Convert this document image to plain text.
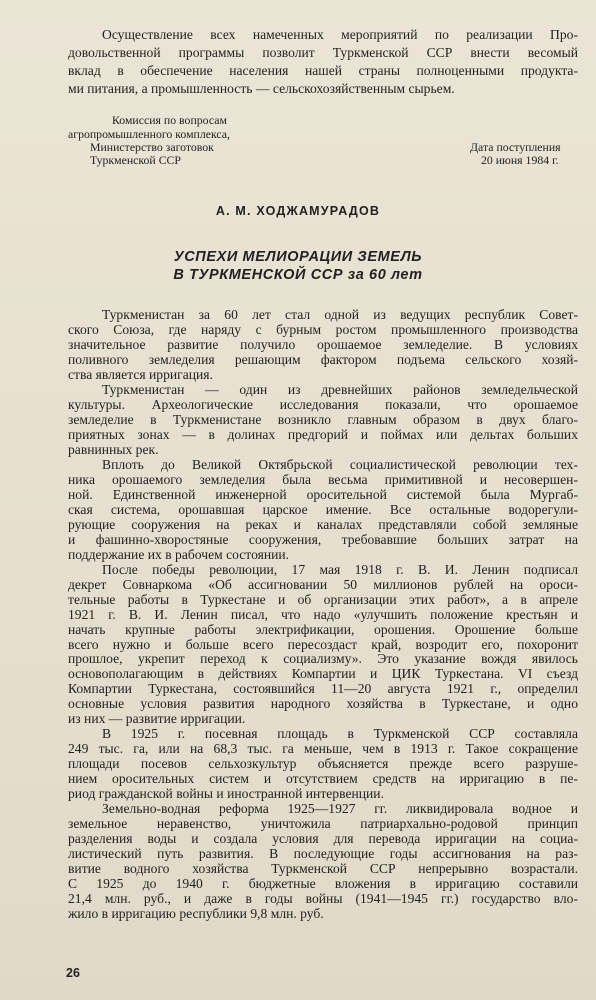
Осуществление всех намеченных мероприятий по реализации Про-

довольственной программы позволит Туркменской ССР внести весомый

вклад в обеспечение населения нашей страны полноценными продукта-

ми питания, а промышленность — сельскохозяйственным сырьем.

Комиссия по вопросам

агропромышленного комплекса,

Министерство заготовок

Туркменской ССР

Дата поступления

20 июня 1984 г.

А. М. ХОДЖАМУРАДОВ

УСПЕХИ МЕЛИОРАЦИИ ЗЕМЕЛЬ

В ТУРКМЕНСКОЙ ССР за 60 лет

Туркменистан за 60 лет стал одной из ведущих республик Совет-

ского Союза, где наряду с бурным ростом промышленного производства

значительное развитие получило орошаемое земледелие. В условиях

поливного земледелия решающим фактором подъема сельского хозяй-

ства является ирригация.

Туркменистан — один из древнейших районов земледельческой

культуры. Археологические исследования показали, что орошаемое

земледелие в Туркменистане возникло главным образом в двух благо-

приятных зонах — в долинах предгорий и поймах или дельтах больших

равнинных рек.

Вплоть до Великой Октябрьской социалистической революции тех-

ника орошаемого земледелия была весьма примитивной и несовершен-

ной. Единственной инженерной оросительной системой была Мургаб-

ская система, орошавшая царское имение. Все остальные водорегули-

рующие сооружения на реках и каналах представляли собой земляные

и фашинно-хворостяные сооружения, требовавшие больших затрат на

поддержание их в рабочем состоянии.

После победы революции, 17 мая 1918 г. В. И. Ленин подписал

декрет Совнаркома «Об ассигновании 50 миллионов рублей на ороси-

тельные работы в Туркестане и об организации этих работ», а в апреле

1921 г. В. И. Ленин писал, что надо «улучшить положение крестьян и

начать крупные работы электрификации, орошения. Орошение больше

всего нужно и больше всего пересоздаст край, возродит его, похоронит

прошлое, укрепит переход к социализму». Это указание вождя явилось

основополагающим в действиях Компартии и ЦИК Туркестана. VI съезд

Компартии Туркестана, состоявшийся 11—20 августа 1921 г., определил

основные условия развития народного хозяйства в Туркестане, и одно

из них — развитие ирригации.

В 1925 г. посевная площадь в Туркменской ССР составляла

249 тыс. га, или на 68,3 тыс. га меньше, чем в 1913 г. Такое сокращение

площади посевов сельхозкультур объясняется прежде всего разруше-

нием оросительных систем и отсутствием средств на ирригацию в пе-

риод гражданской войны и иностранной интервенции.

Земельно-водная реформа 1925—1927 гг. ликвидировала водное и

земельное неравенство, уничтожила патриархально-родовой принцип

разделения воды и создала условия для перевода ирригации на социа-

листический путь развития. В последующие годы ассигнования на раз-

витие водного хозяйства Туркменской ССР непрерывно возрастали.

С 1925 до 1940 г. бюджетные вложения в ирригацию составили

21,4 млн. руб., и даже в годы войны (1941—1945 гг.) государство вло-

жило в ирригацию республики 9,8 млн. руб.

26
